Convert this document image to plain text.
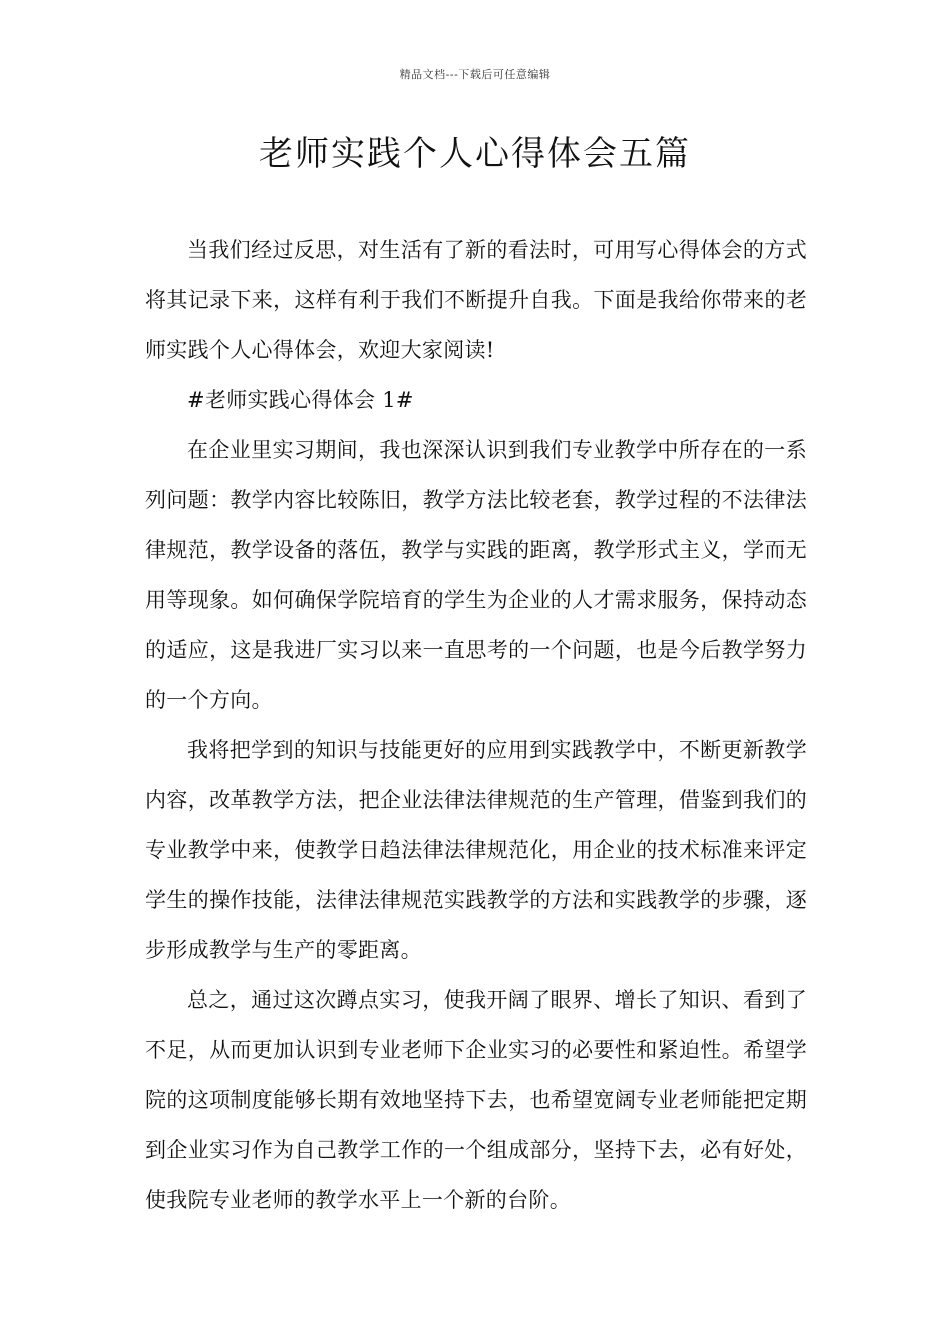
精品文档---下载后可任意编辑
老师实践个人心得体会五篇

当我们经过反思，对生活有了新的看法时，可用写心得体会的方式将其记录下来，这样有利于我们不断提升自我。下面是我给你带来的老师实践个人心得体会，欢迎大家阅读!

#老师实践心得体会 1#

在企业里实习期间，我也深深认识到我们专业教学中所存在的一系列问题：教学内容比较陈旧，教学方法比较老套，教学过程的不法律法律规范，教学设备的落伍，教学与实践的距离，教学形式主义，学而无用等现象。如何确保学院培育的学生为企业的人才需求服务，保持动态的适应，这是我进厂实习以来一直思考的一个问题，也是今后教学努力的一个方向。

我将把学到的知识与技能更好的应用到实践教学中，不断更新教学内容，改革教学方法，把企业法律法律规范的生产管理，借鉴到我们的专业教学中来，使教学日趋法律法律规范化，用企业的技术标准来评定学生的操作技能，法律法律规范实践教学的方法和实践教学的步骤，逐步形成教学与生产的零距离。

总之，通过这次蹲点实习，使我开阔了眼界、增长了知识、看到了不足，从而更加认识到专业老师下企业实习的必要性和紧迫性。希望学院的这项制度能够长期有效地坚持下去，也希望宽阔专业老师能把定期到企业实习作为自己教学工作的一个组成部分，坚持下去，必有好处，使我院专业老师的教学水平上一个新的台阶。
